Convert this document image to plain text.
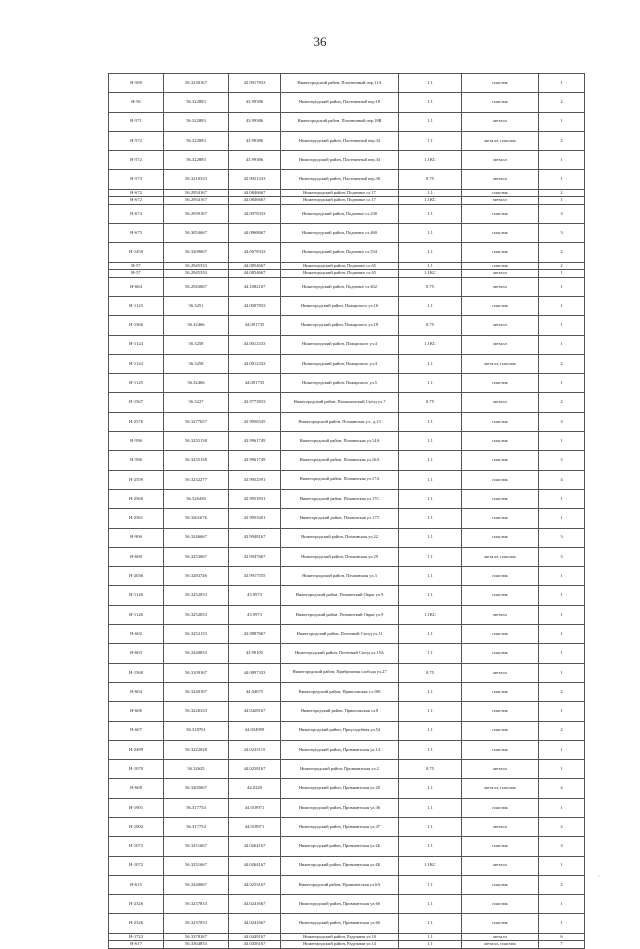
36
Н-569	56.3230167	43.9917833	Нижегородский район, Плотничный пер.11А	1.1	пластик	1
Н-56	56.322883	43.99386	Нижегородский район, Плотничный пер.18	1.1	пластик	2
Н-571	56.322883	43.99386	Нижегородский район, Плотничный пер.18В	1.1	металл	1
Н-572	56.322883	43.99386	Нижегородский район, Плотничный пер.34	1.1	металл, пластик	2
Н-572	56.322883	43.99386	Нижегородский район, Плотничный пер.34	1.1КС	металл	1
Н-573	56.3210333	43.9921333	Нижегородский район, Плотничный пер.38	0.75	металл	1
Н-672	56.2954167	44.0846667	Нижегородский район, Подновье сл.17	1.1	пластик	2
Н-672	56.2954167	44.0846667	Нижегородский район, Подновье сл.17	1.1КС	металл	1
Н-674	56.2939167	44.0978333	Нижегородский район, Подновье сл.238	1.1	пластик	3
Н-675	56.3054667	44.0968667	Нижегородский район, Подновье сл.460	1.1	пластик	3
Н-1459	56.3209667	44.0678333	Нижегородский район, Подновье сл.534	1.1	пластик	2
Н-57	56.2945333	44.0854667	Нижегородский район, Подновье сл.65	1.1	пластик	2
Н-57	56.2945333	44.0854667	Нижегородский район, Подновье сл.65	1.1КС	металл	1
Н-684	56.2943667	44.1082167	Нижегородский район, Подновье сл.402	0.75	металл	1
Н-1123	56.3251	44.0007833	Нижегородский район, Пожарского ул.16	1.1	пластик	1
Н-1566	56.32466	44.001735	Нижегородский район, Пожарского ул.18	0.75	металл	1
Н-1124	56.3258	44.0012333	Нижегородский район, Пожарского ул.4	1.1КС	металл	1
Н-1124	56.3258	44.0012333	Нижегородский район, Пожарского ул.4	1.1	металл, пластик	2
Н-1125	56.32466	44.001735	Нижегородский район, Пожарского ул.5	1.1	пластик	1
Н-1567	56.3227	43.9773833	Нижегородский район, Похвалинский Съезд ул.7	0.75	металл	2
Н-2576	56.3277657	43.9956545	Нижегородский район, Почаинская ул., д.13	1.1	пластик	3
Н-596	56.3255138	43.9961749	Нижегородский район, Почаинская ул.14А	1.1	пластик	1
Н-596	56.3255138	43.9961749	Нижегородский район, Почаинская ул.16А	1.1	пластик	3
Н-2559	56.3232277	43.9952591	Нижегородский район, Почаинская ул.17А	1.1	пластик	4
Н-2560	56.326436	43.9953931	Нижегородский район, Почаинская ул.17С	1.1	пластик	1
Н-2561	56.3261676	43.9953201	Нижегородский район, Почаинская ул.17Т	1.1	пластик	1
Н-906	56.3246667	43.9948167	Нижегородский район, Почаинская ул.22	1.1	пластик	3
Н-600	56.3253667	43.9947667	Нижегородский район, Почаинская ул.29	1.1	металл, пластик	3
Н-2036	56.3283746	43.9917555	Нижегородский район, Почаинская ул.3	1.1	пластик	1
Н-1126	56.3252833	43.9973	Нижегородский район, Почаинский Овраг ул.9	1.1	пластик	1
Н-1126	56.3252833	43.9973	Нижегородский район, Почаинский Овраг ул.9	1.1КС	металл	1
Н-602	56.3252133	43.9887667	Нижегородский район, Почтовый Съезд ул.11	1.1	пластик	1
Н-603	56.3240833	43.99105	Нижегородский район, Почтовый Съезд ул.15А	1.1	пластик	1
Н-1568	56.3109167	44.0897333	Нижегородский район, Прибрежная слобода ул.27	0.75	металл	1
Н-604	56.3240167	44.04675	Нижегородский район, Приволжская сл.108	1.1	пластик	2
Н-606	56.3226333	44.0428167	Нижегородский район, Приволжская сл.8	1.1	пластик	1
Н-607	56.318761	44.034999	Нижегородский район, Приусадебная ул.54	1.1	пластик	2
Н-2499	56.3222028	44.0233115	Нижегородский район, Провиантская ул.14	1.1	пластик	1
Н-1070	56.32625	44.0258167	Нижегородский район, Провиантская ул.2	0.75	металл	1
Н-608	56.3205667	44.0228	Нижегородский район, Провиантская ул.20	1.1	металл, пластик	4
Н-1901	56.317754	44.018971	Нижегородский район, Провиантская ул.36	1.1	пластик	1
Н-1002	56.317754	44.018971	Нижегородский район, Провиантская ул.47	1.1	металл	2
Н-1072	56.3251667	44.0264167	Нижегородский район, Провиантская ул.4Б	1.1	пластик	3
Н-1072	56.3251667	44.0264167	Нижегородский район, Провиантская ул.4Б	1.1КС	металл	1
Н-615	56.3240667	44.0253167	Нижегородский район, Провиантская ул.6А	1.1	пластик	2
Н-2326	56.3237833	44.0241667	Нижегородский район, Провиантская ул.6б	1.1	пластик	1
Н-2326	56.3237833	44.0241667	Нижегородский район, Провиантская ул.6б	1.1	пластик	1
Н-1722	56.3378167	44.0449167	Нижегородский район, Радужная ул.10	1.1	металл	6
Н-617	56.3364833	44.0456167	Нижегородский район, Радужная ул.14	1.1	металл, пластик	7
·
